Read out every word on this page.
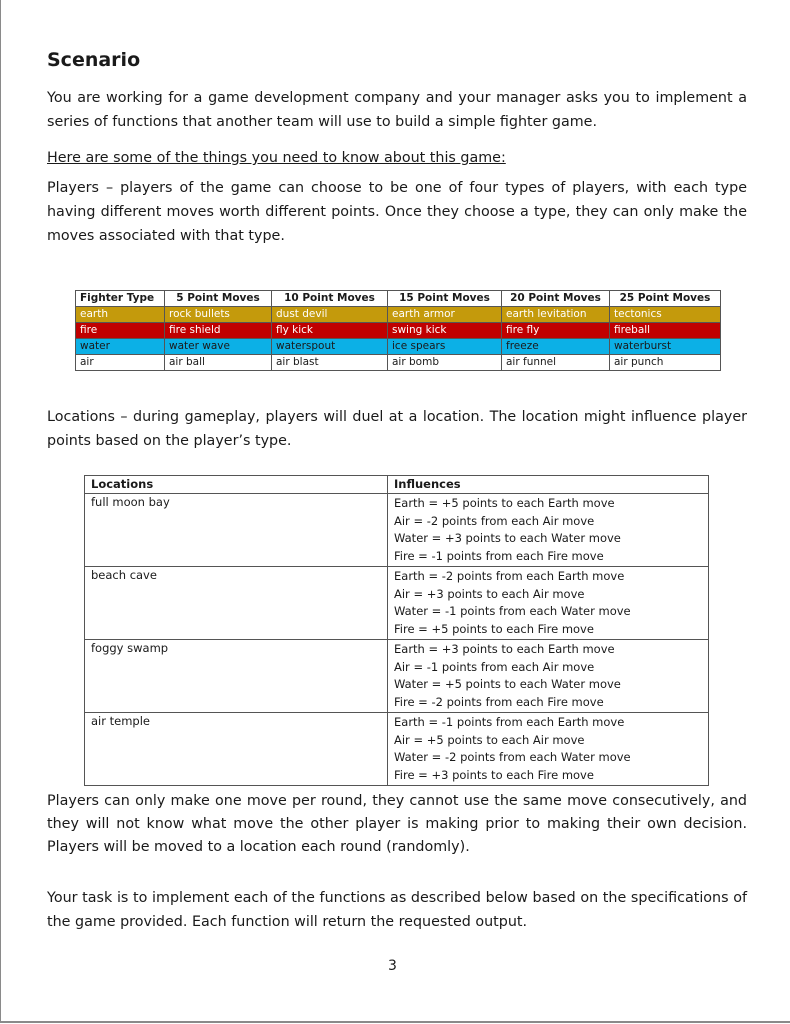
Scenario

You are working for a game development company and your manager asks you to implement a series of functions that another team will use to build a simple fighter game.

Here are some of the things you need to know about this game:

Players – players of the game can choose to be one of four types of players, with each type having different moves worth different points. Once they choose a type, they can only make the moves associated with that type.

Fighter Type	5 Point Moves	10 Point Moves	15 Point Moves	20 Point Moves	25 Point Moves
earth	rock bullets	dust devil	earth armor	earth levitation	tectonics
fire	fire shield	fly kick	swing kick	fire fly	fireball
water	water wave	waterspout	ice spears	freeze	waterburst
air	air ball	air blast	air bomb	air funnel	air punch

Locations – during gameplay, players will duel at a location. The location might influence player points based on the player’s type.

Locations	Influences
full moon bay	Earth = +5 points to each Earth move
Air = -2 points from each Air move
Water = +3 points to each Water move
Fire = -1 points from each Fire move

beach cave	Earth = -2 points from each Earth move
Air = +3 points to each Air move
Water = -1 points from each Water move
Fire = +5 points to each Fire move

foggy swamp	Earth = +3 points to each Earth move
Air = -1 points from each Air move
Water = +5 points to each Water move
Fire = -2 points from each Fire move

air temple	Earth = -1 points from each Earth move
Air = +5 points to each Air move
Water = -2 points from each Water move
Fire = +3 points to each Fire move

Players can only make one move per round, they cannot use the same move consecutively, and they will not know what move the other player is making prior to making their own decision. Players will be moved to a location each round (randomly).

Your task is to implement each of the functions as described below based on the specifications of the game provided. Each function will return the requested output.

3
